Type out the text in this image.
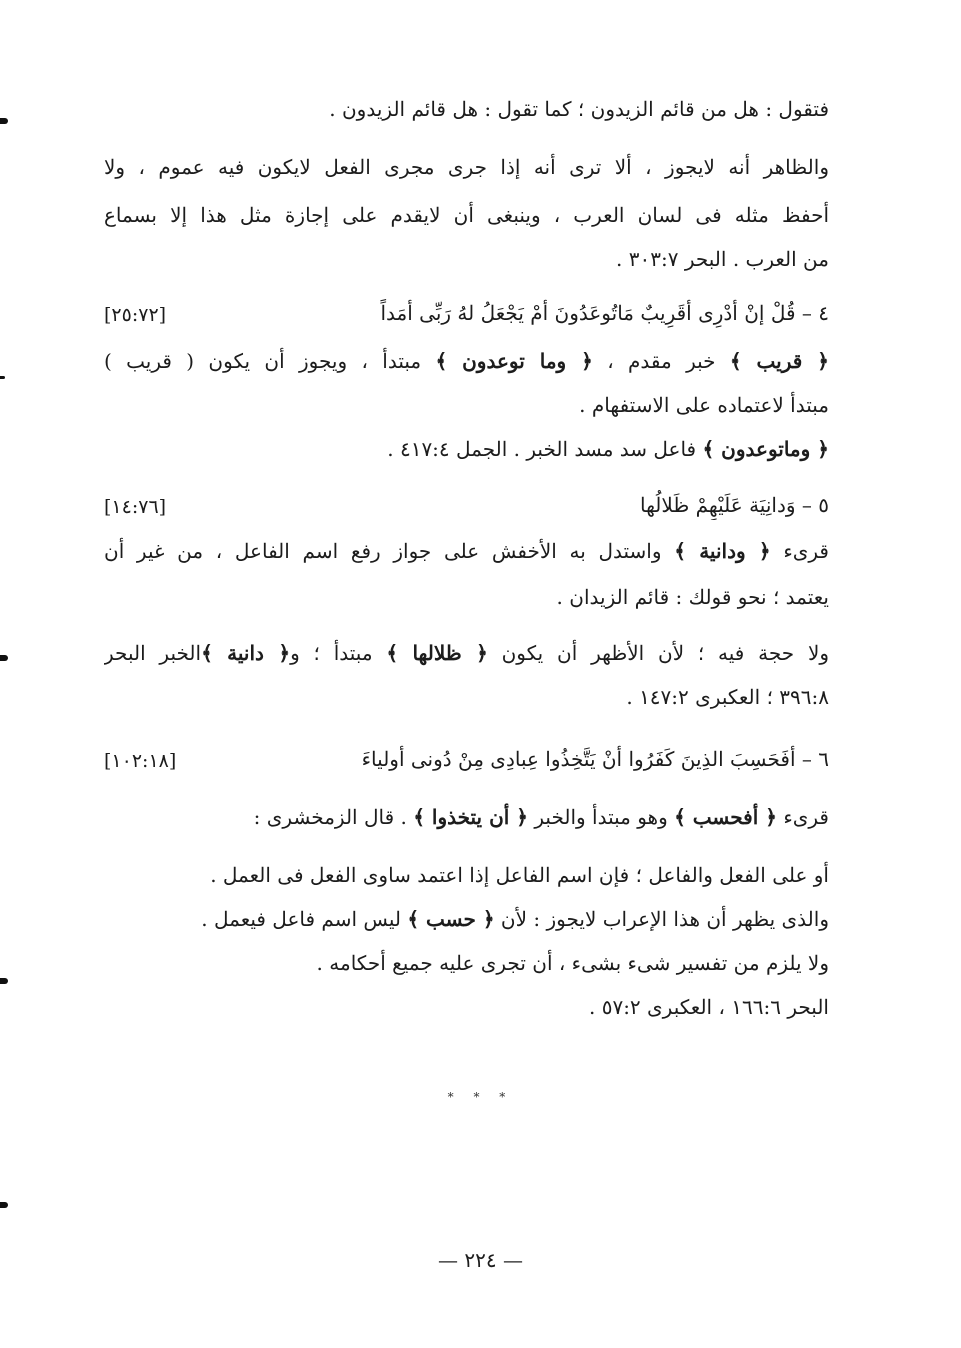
فتقول : هل من قائم الزيدون ؛ كما تقول : هل قائم الزيدون .
والظاهر أنه لايجوز ، ألا ترى أنه إذا جرى مجرى الفعل لايكون فيه عموم ، ولا
أحفظ مثله فى لسان العرب ، وينبغى أن لايقدم على إجازة مثل هذا إلا بسماع
من العرب . البحر ٣٠٣:٧ .
٤ – قُلْ إنْ أدْرِى أقَرِيبٌ مَاتُوعَدُونَ أمْ يَجْعَلُ لهُ رَبِّى أمَداً
[٢٥:٧٢]
﴿ قريب ﴾ خبر مقدم ، ﴿ وما توعدون ﴾ مبتدأ ، ويجوز أن يكون ( قريب )
مبتدأ لاعتماده على الاستفهام .
﴿ وماتوعدون ﴾ فاعل سد مسد الخبر . الجمل ٤١٧:٤ .
٥ – وَدانِيَة عَلَيْهِمْ ظَلالُها
[١٤:٧٦]
قرىء ﴿ ودانية ﴾ واستدل به الأخفش على جواز رفع اسم الفاعل ، من غير أن
يعتمد ؛ نحو قولك : قائم الزيدان .
ولا حجة فيه ؛ لأن الأظهر أن يكون ﴿ ظلالها ﴾ مبتدأ ؛ و﴿ دانية ﴾الخبر البحر
٣٩٦:٨ ؛ العكبرى ١٤٧:٢ .
٦ – أفَحَسِبَ الذِينَ كَفَرُوا أنْ يَتَّخِذُوا عِبادِى مِنْ دُونى أولياءَ
[١٠٢:١٨]
قرىء ﴿ أفحسب ﴾ وهو مبتدأ والخبر ﴿ أن يتخذوا ﴾ . قال الزمخشرى :
أو على الفعل والفاعل ؛ فإن اسم الفاعل إذا اعتمد ساوى الفعل فى العمل .
والذى يظهر أن هذا الإعراب لايجوز : لأن ﴿ حسب ﴾ ليس اسم فاعل فيعمل .
ولا يلزم من تفسير شىء بشىء ، أن تجرى عليه جميع أحكامه .
البحر ١٦٦:٦ ، العكبرى ٥٧:٢ .
* * *
— ٢٢٤ —
